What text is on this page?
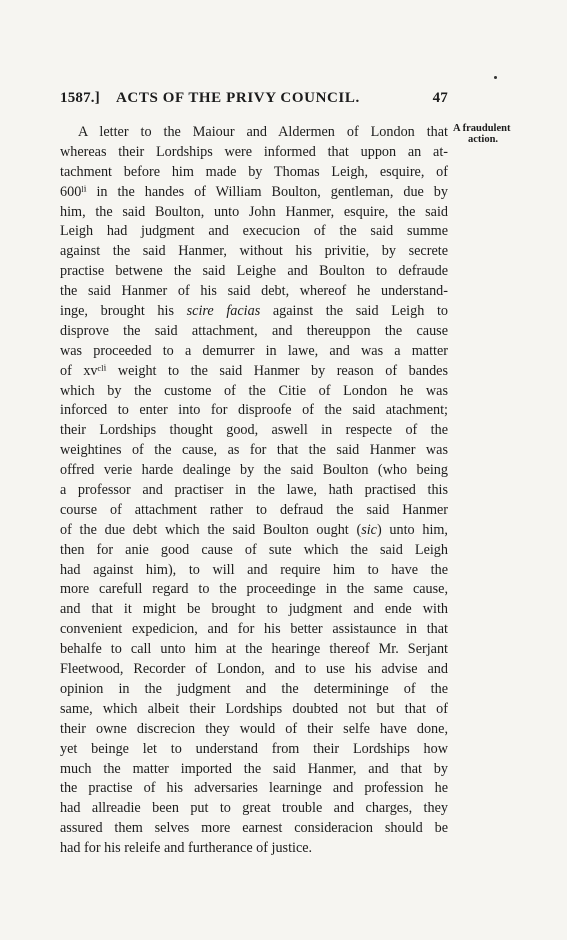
1587.] ACTS OF THE PRIVY COUNCIL.	47
A fraudulent
action.
A letter to the Maiour and Aldermen of London that
whereas their Lordships were informed that uppon an at-
tachment before him made by Thomas Leigh, esquire, of
600ˡⁱ in the handes of William Boulton, gentleman, due by
him, the said Boulton, unto John Hanmer, esquire, the said
Leigh had judgment and execucion of the said summe
against the said Hanmer, without his privitie, by secrete
practise betwene the said Leighe and Boulton to defraude
the said Hanmer of his said debt, whereof he understand-
inge, brought his scire facias against the said Leigh to
disprove the said attachment, and thereuppon the cause
was proceeded to a demurrer in lawe, and was a matter
of xvᶜˡⁱ weight to the said Hanmer by reason of bandes
which by the custome of the Citie of London he was
inforced to enter into for disproofe of the said atachment;
their Lordships thought good, aswell in respecte of the
weightines of the cause, as for that the said Hanmer was
offred verie harde dealinge by the said Boulton (who being
a professor and practiser in the lawe, hath practised this
course of attachment rather to defraud the said Hanmer
of the due debt which the said Boulton ought (sic) unto him,
then for anie good cause of sute which the said Leigh
had against him), to will and require him to have the
more carefull regard to the proceedinge in the same cause,
and that it might be brought to judgment and ende with
convenient expedicion, and for his better assistaunce in that
behalfe to call unto him at the hearinge thereof Mr. Serjant
Fleetwood, Recorder of London, and to use his advise and
opinion in the judgment and the determininge of the
same, which albeit their Lordships doubted not but that of
their owne discrecion they would of their selfe have done,
yet beinge let to understand from their Lordships how
much the matter imported the said Hanmer, and that by
the practise of his adversaries learninge and profession he
had allreadie been put to great trouble and charges, they
assured them selves more earnest consideracion should be
had for his releife and furtherance of justice.
